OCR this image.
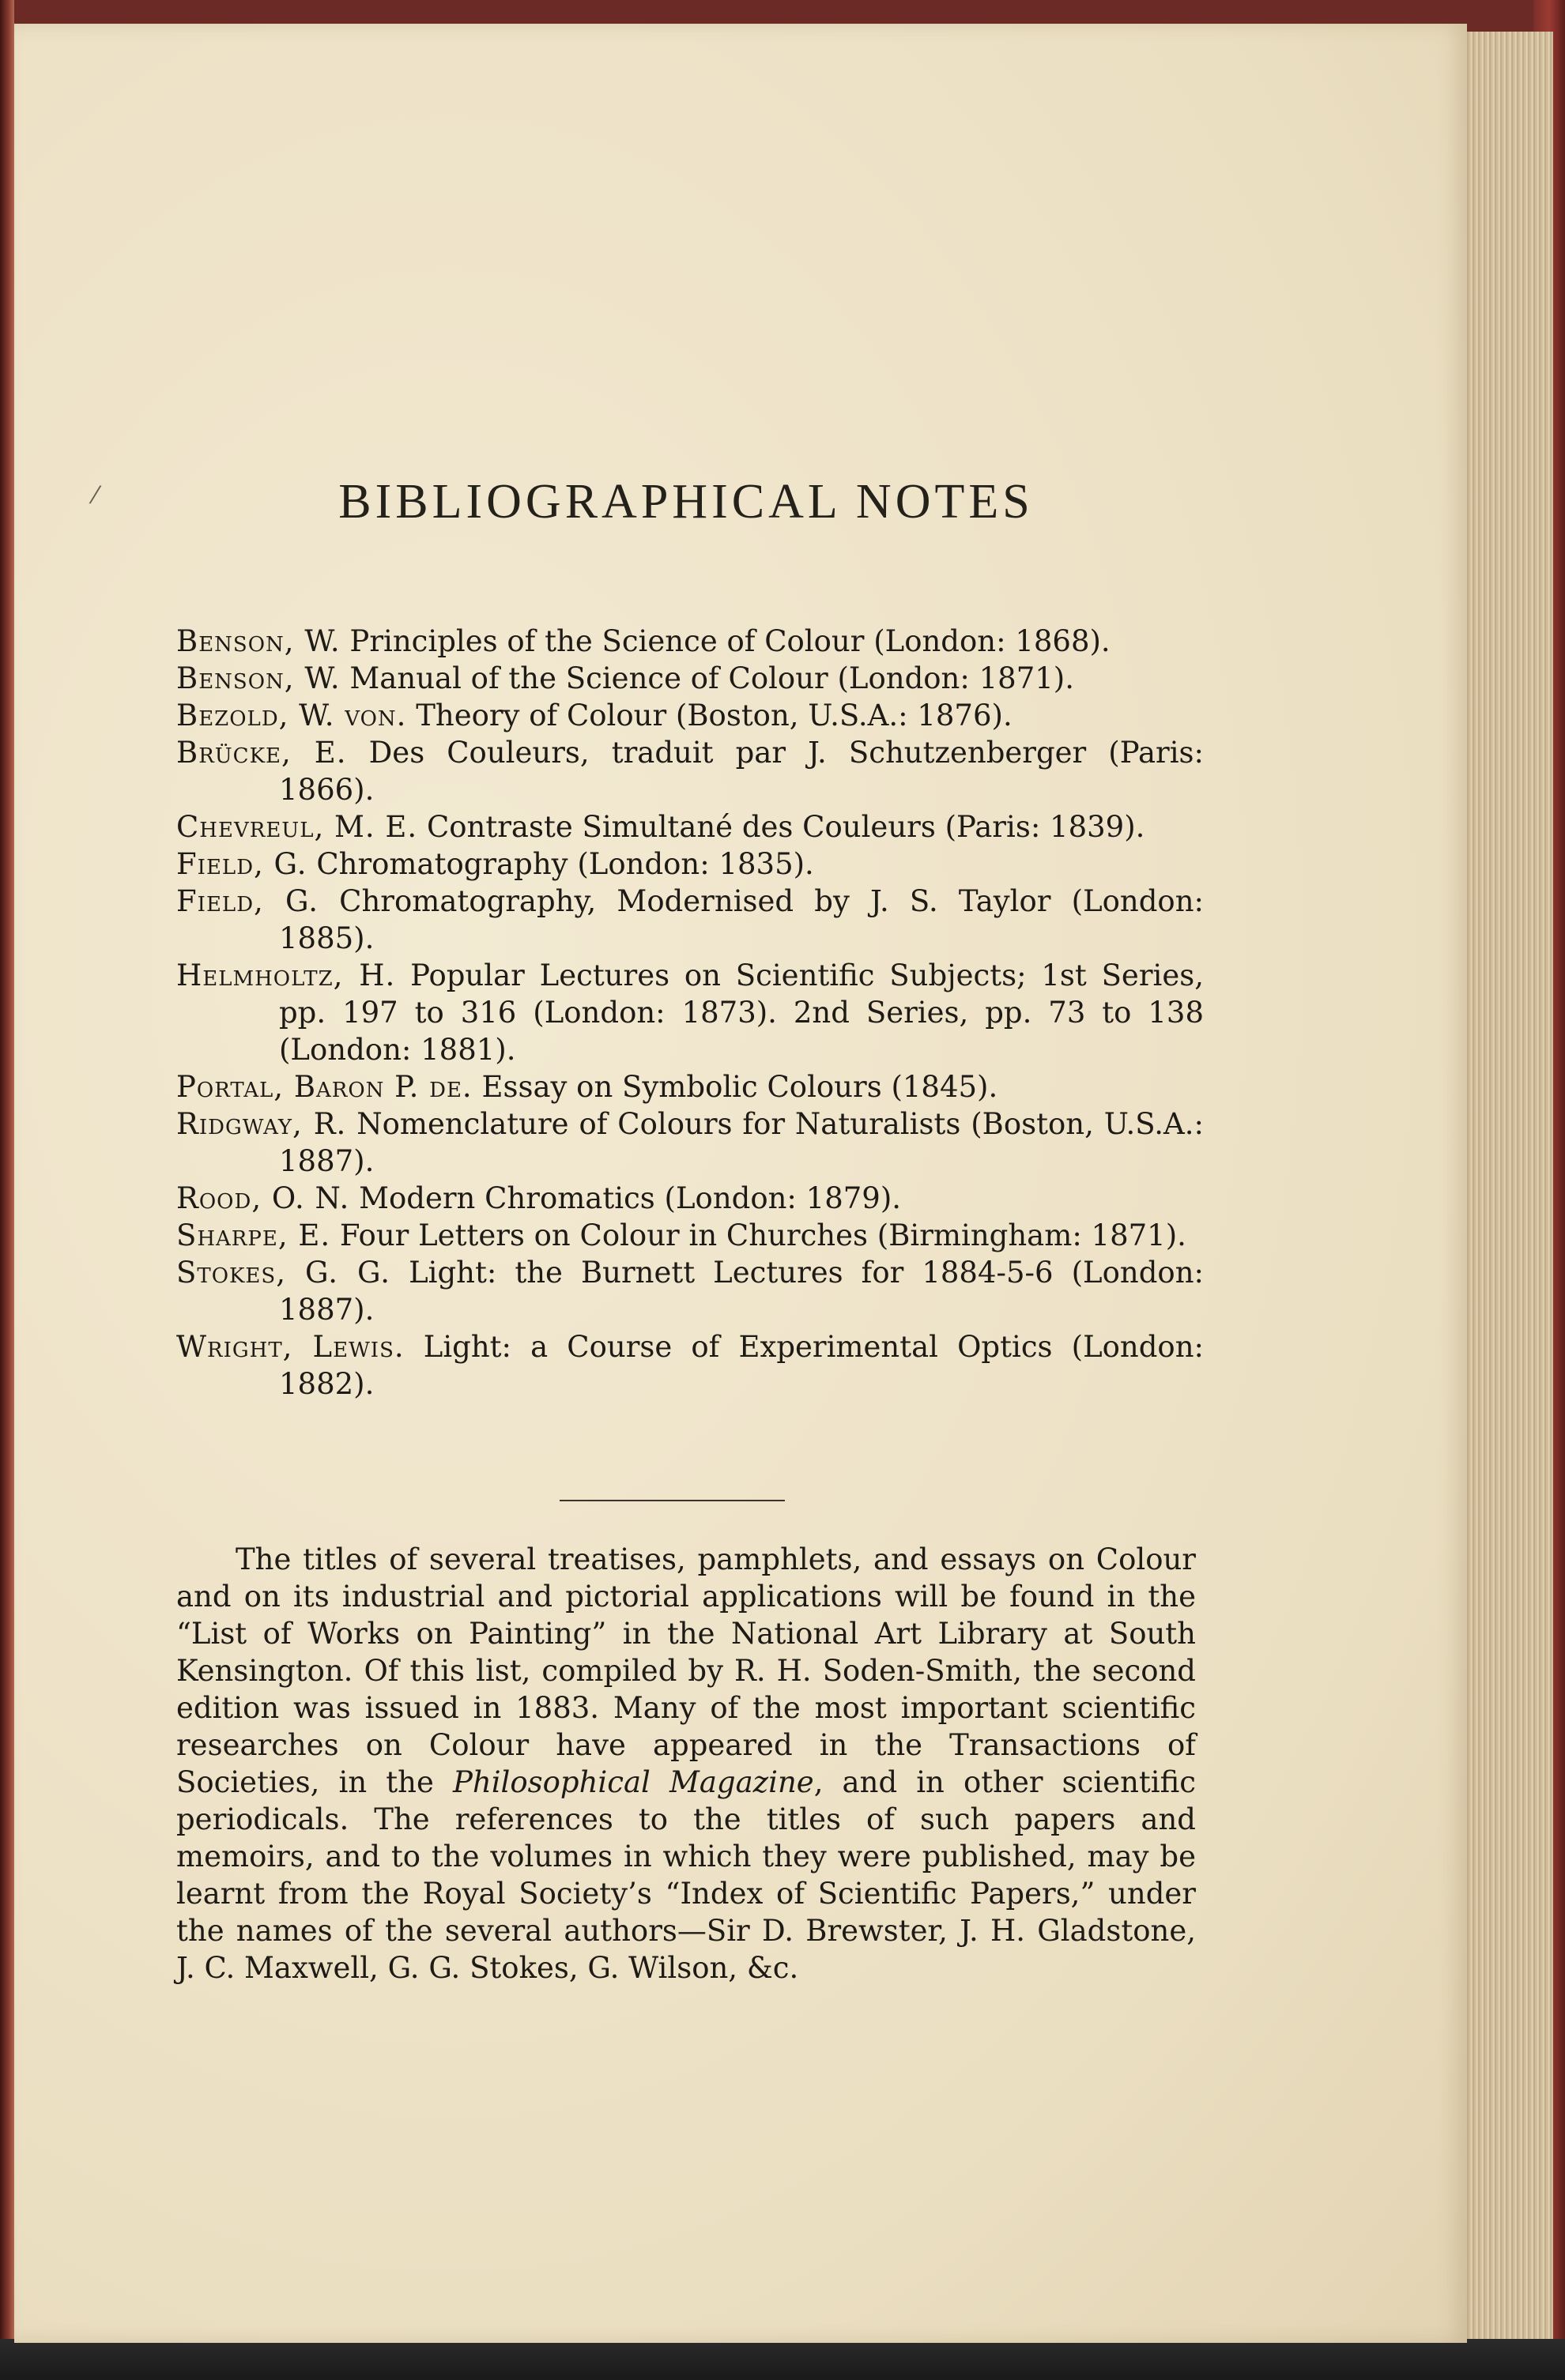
⁄	BIBLIOGRAPHICAL NOTES
Benson, W. Principles of the Science of Colour (London: 1868).
Benson, W. Manual of the Science of Colour (London: 1871).
Bezold, W. von. Theory of Colour (Boston, U.S.A.: 1876).
Brücke, E. Des Couleurs, traduit par J. Schutzenberger (Paris: 1866).
Chevreul, M. E. Contraste Simultané des Couleurs (Paris: 1839).
Field, G. Chromatography (London: 1835).
Field, G. Chromatography, Modernised by J. S. Taylor (London: 1885).
Helmholtz, H. Popular Lectures on Scientific Subjects; 1st Series, pp. 197 to 316 (London: 1873). 2nd Series, pp. 73 to 138 (London: 1881).
Portal, Baron P. de. Essay on Symbolic Colours (1845).
Ridgway, R. Nomenclature of Colours for Naturalists (Boston, U.S.A.: 1887).
Rood, O. N. Modern Chromatics (London: 1879).
Sharpe, E. Four Letters on Colour in Churches (Birmingham: 1871).
Stokes, G. G. Light: the Burnett Lectures for 1884-5-6 (London: 1887).
Wright, Lewis. Light: a Course of Experimental Optics (London: 1882).

The titles of several treatises, pamphlets, and essays on Colour and on its industrial and pictorial applications will be found in the “List of Works on Painting” in the National Art Library at South Kensington. Of this list, compiled by R. H. Soden-Smith, the second edition was issued in 1883. Many of the most important scientific researches on Colour have appeared in the Transactions of Societies, in the Philosophical Magazine, and in other scientific periodicals. The references to the titles of such papers and memoirs, and to the volumes in which they were published, may be learnt from the Royal Society’s “Index of Scientific Papers,” under the names of the several authors—Sir D. Brewster, J. H. Gladstone, J. C. Maxwell, G. G. Stokes, G. Wilson, &c.
